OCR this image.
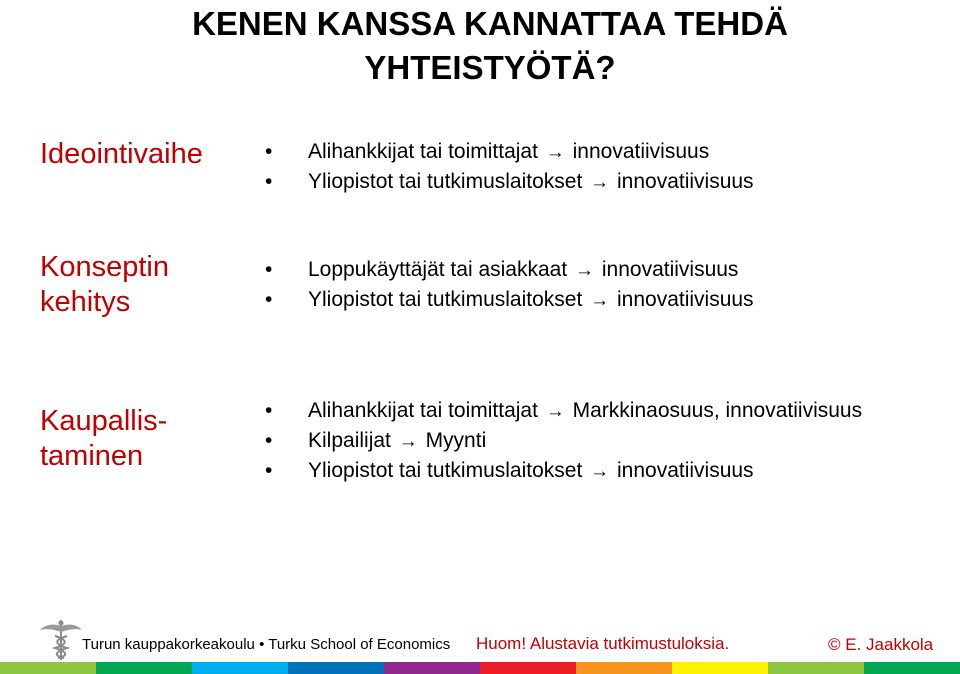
KENEN KANSSA KANNATTAA TEHDÄ
YHTEISTYÖTÄ?
Ideointivaihe	• Alihankkijat tai toimittajat → innovatiivisuus
• Yliopistot tai tutkimuslaitokset → innovatiivisuus
Konseptin
kehitys
• Loppukäyttäjät tai asiakkaat → innovatiivisuus
• Yliopistot tai tutkimuslaitokset → innovatiivisuus
Kaupallis-
taminen
• Alihankkijat tai toimittajat → Markkinaosuus, innovatiivisuus
• Kilpailijat → Myynti
• Yliopistot tai tutkimuslaitokset → innovatiivisuus
Turun kauppakorkeakoulu • Turku School of Economics Huom! Alustavia tutkimustuloksia.	© E. Jaakkola
